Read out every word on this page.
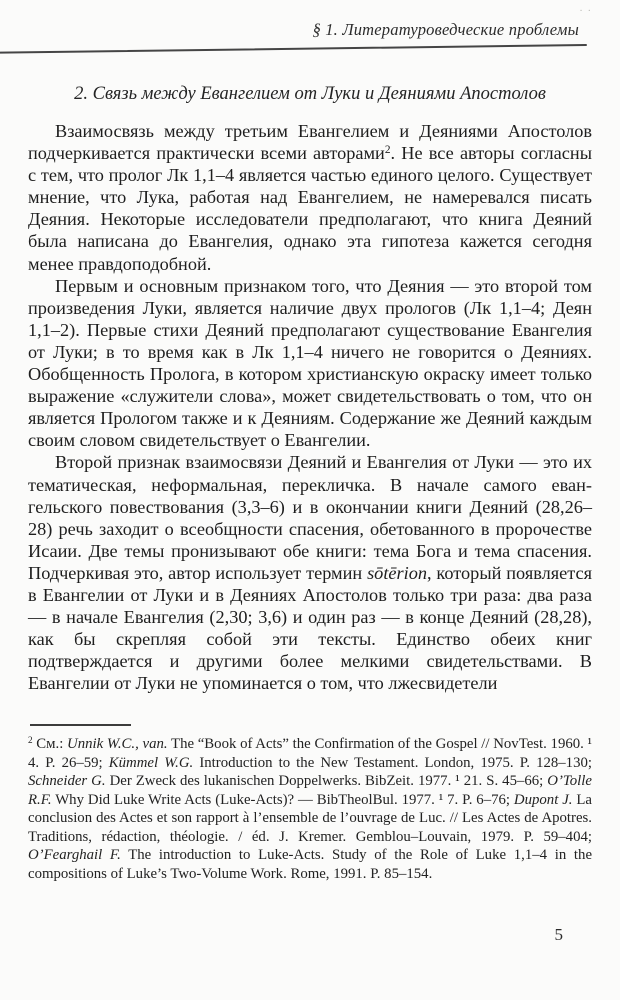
··
§ 1. Литературоведческие проблемы
2. Связь между Евангелием от Луки и Деяниями Апостолов

Взаимосвязь между третьим Евангелием и Деяниями Апостолов подчеркивается практически всеми авторами$^2$. Не все авторы согласны с тем, что пролог Лк 1,1–4 является частью единого целого. Существует мнение, что Лука, работая над Евангелием, не намеревался писать Деяния. Некоторые исследователи предполагают, что книга Деяний была написана до Евангелия, однако эта гипотеза кажется сегодня менее правдоподобной.

Первым и основным признаком того, что Деяния — это второй том произведения Луки, является наличие двух прологов (Лк 1,1–4; Деян 1,1–2). Первые стихи Деяний предполагают существование Евангелия от Луки; в то время как в Лк 1,1–4 ничего не говорится о Деяниях. Обобщенность Пролога, в котором христианскую окраску имеет только выражение «служители слова», может свидетельствовать о том, что он является Прологом также и к Деяниям. Содержание же Деяний каждым своим словом свидетельствует о Евангелии.

Второй признак взаимосвязи Деяний и Евангелия от Луки — это их тематическая, неформальная, перекличка. В начале самого евангельского повествования (3,3–6) и в окончании книги Деяний (28,26–28) речь заходит о всеобщности спасения, обетованного в пророчестве Исаии. Две темы пронизывают обе книги: тема Бога и тема спасения. Подчеркивая это, автор использует термин sōtērion, который появляется в Евангелии от Луки и в Деяниях Апостолов только три раза: два раза — в начале Евангелия (2,30; 3,6) и один раз — в конце Деяний (28,28), как бы скрепляя собой эти тексты. Единство обеих книг подтверждается и другими более мелкими свидетельствами. В Евангелии от Луки не упоминается о том, что лжесвидетели

$^2$ См.: Unnik W.C., van. The “Book of Acts” the Confirmation of the Gospel // NovTest. 1960. ¹ 4. P. 26–59; Kümmel W.G. Introduction to the New Testament. London, 1975. P. 128–130; Schneider G. Der Zweck des lukanischen Doppelwerks. BibZeit. 1977. ¹ 21. S. 45–66; O’Tolle R.F. Why Did Luke Write Acts (Luke-Acts)? — BibTheolBul. 1977. ¹ 7. P. 6–76; Dupont J. La conclusion des Actes et son rapport à l’ensemble de l’ouvrage de Luc. // Les Actes de Apotres. Traditions, rédaction, théologie. / éd. J. Kremer. Gemblou–Louvain, 1979. P. 59–404; O’Fearghail F. The introduction to Luke-Acts. Study of the Role of Luke 1,1–4 in the compositions of Luke’s Two-Volume Work. Rome, 1991. P. 85–154.

5
